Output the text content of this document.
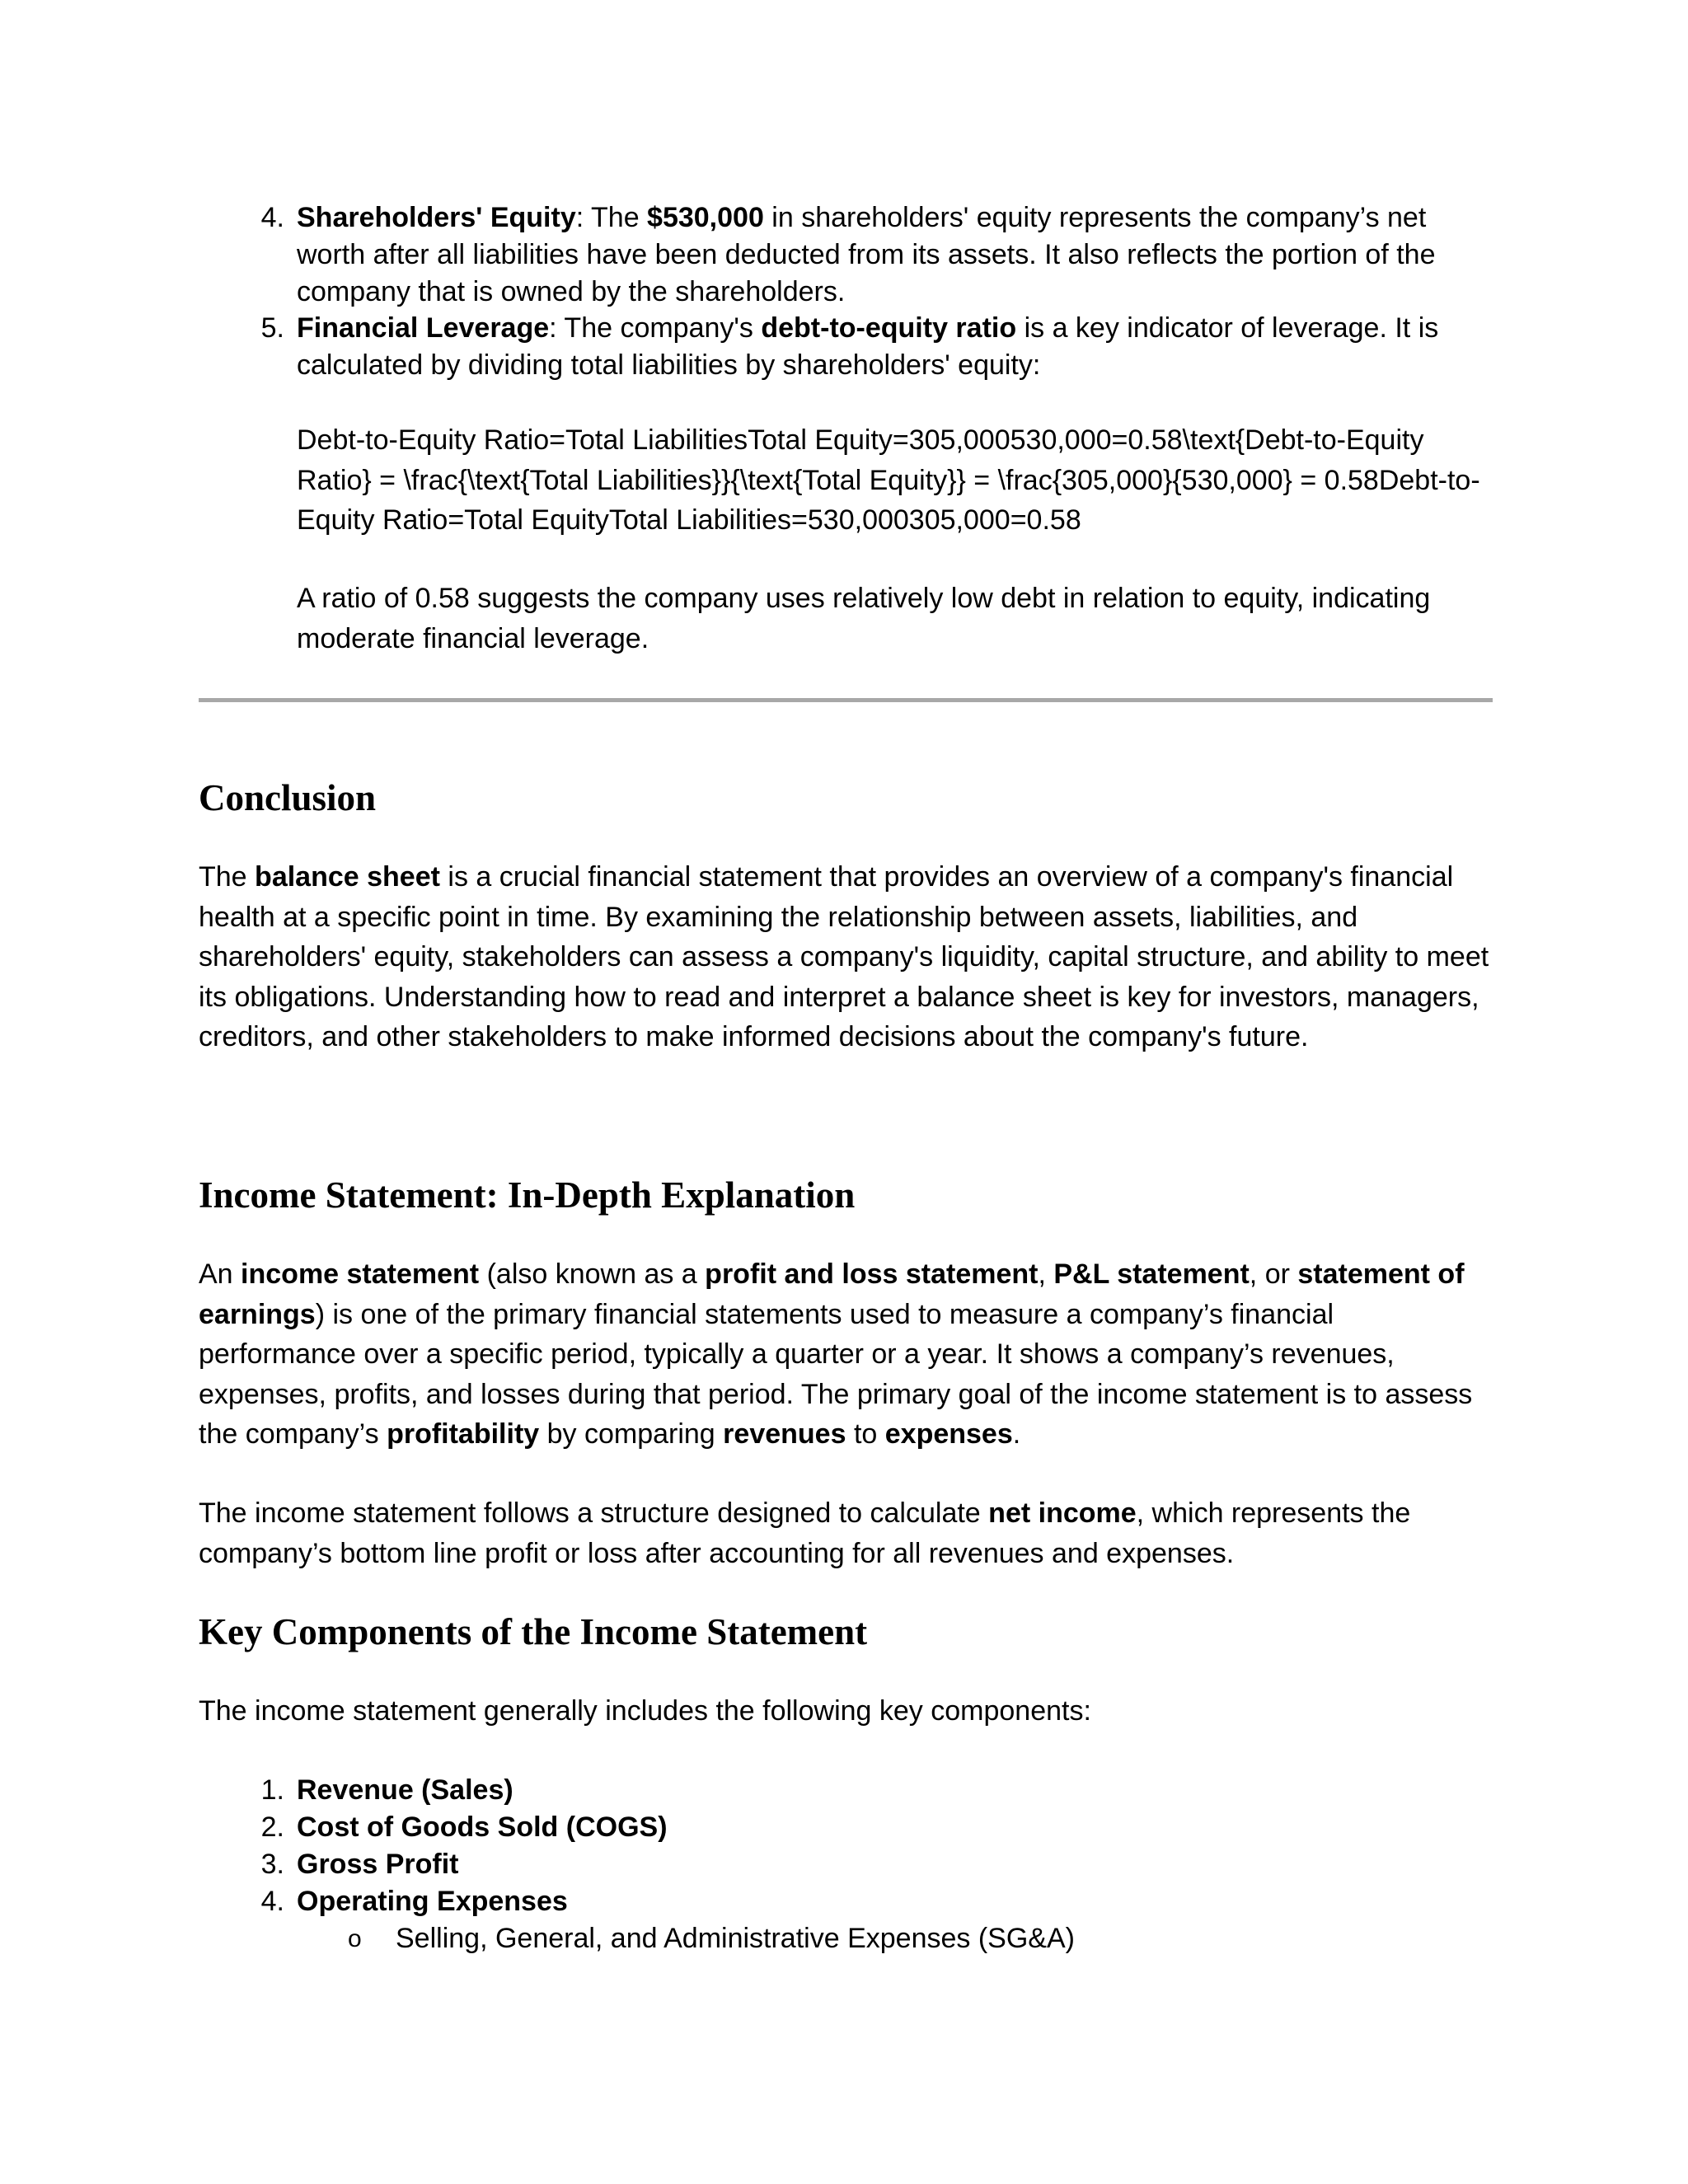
4. Shareholders' Equity: The $530,000 in shareholders' equity represents the company’s net worth after all liabilities have been deducted from its assets. It also reflects the portion of the company that is owned by the shareholders.

5. Financial Leverage: The company's debt-to-equity ratio is a key indicator of leverage. It is calculated by dividing total liabilities by shareholders' equity:

Debt-to-Equity Ratio=Total LiabilitiesTotal Equity=305,000530,000=0.58\text{Debt-to-Equity Ratio} = \frac{\text{Total Liabilities}}{\text{Total Equity}} = \frac{305,000}{530,000} = 0.58Debt-to-Equity Ratio=Total EquityTotal Liabilities=530,000305,000=0.58

A ratio of 0.58 suggests the company uses relatively low debt in relation to equity, indicating moderate financial leverage.

Conclusion

The balance sheet is a crucial financial statement that provides an overview of a company's financial health at a specific point in time. By examining the relationship between assets, liabilities, and shareholders' equity, stakeholders can assess a company's liquidity, capital structure, and ability to meet its obligations. Understanding how to read and interpret a balance sheet is key for investors, managers, creditors, and other stakeholders to make informed decisions about the company's future.

Income Statement: In-Depth Explanation

An income statement (also known as a profit and loss statement, P&L statement, or statement of earnings) is one of the primary financial statements used to measure a company’s financial performance over a specific period, typically a quarter or a year. It shows a company’s revenues, expenses, profits, and losses during that period. The primary goal of the income statement is to assess the company’s profitability by comparing revenues to expenses.

The income statement follows a structure designed to calculate net income, which represents the company’s bottom line profit or loss after accounting for all revenues and expenses.

Key Components of the Income Statement

The income statement generally includes the following key components:

1. Revenue (Sales)

2. Cost of Goods Sold (COGS)

3. Gross Profit

4. Operating Expenses

o Selling, General, and Administrative Expenses (SG&A)
